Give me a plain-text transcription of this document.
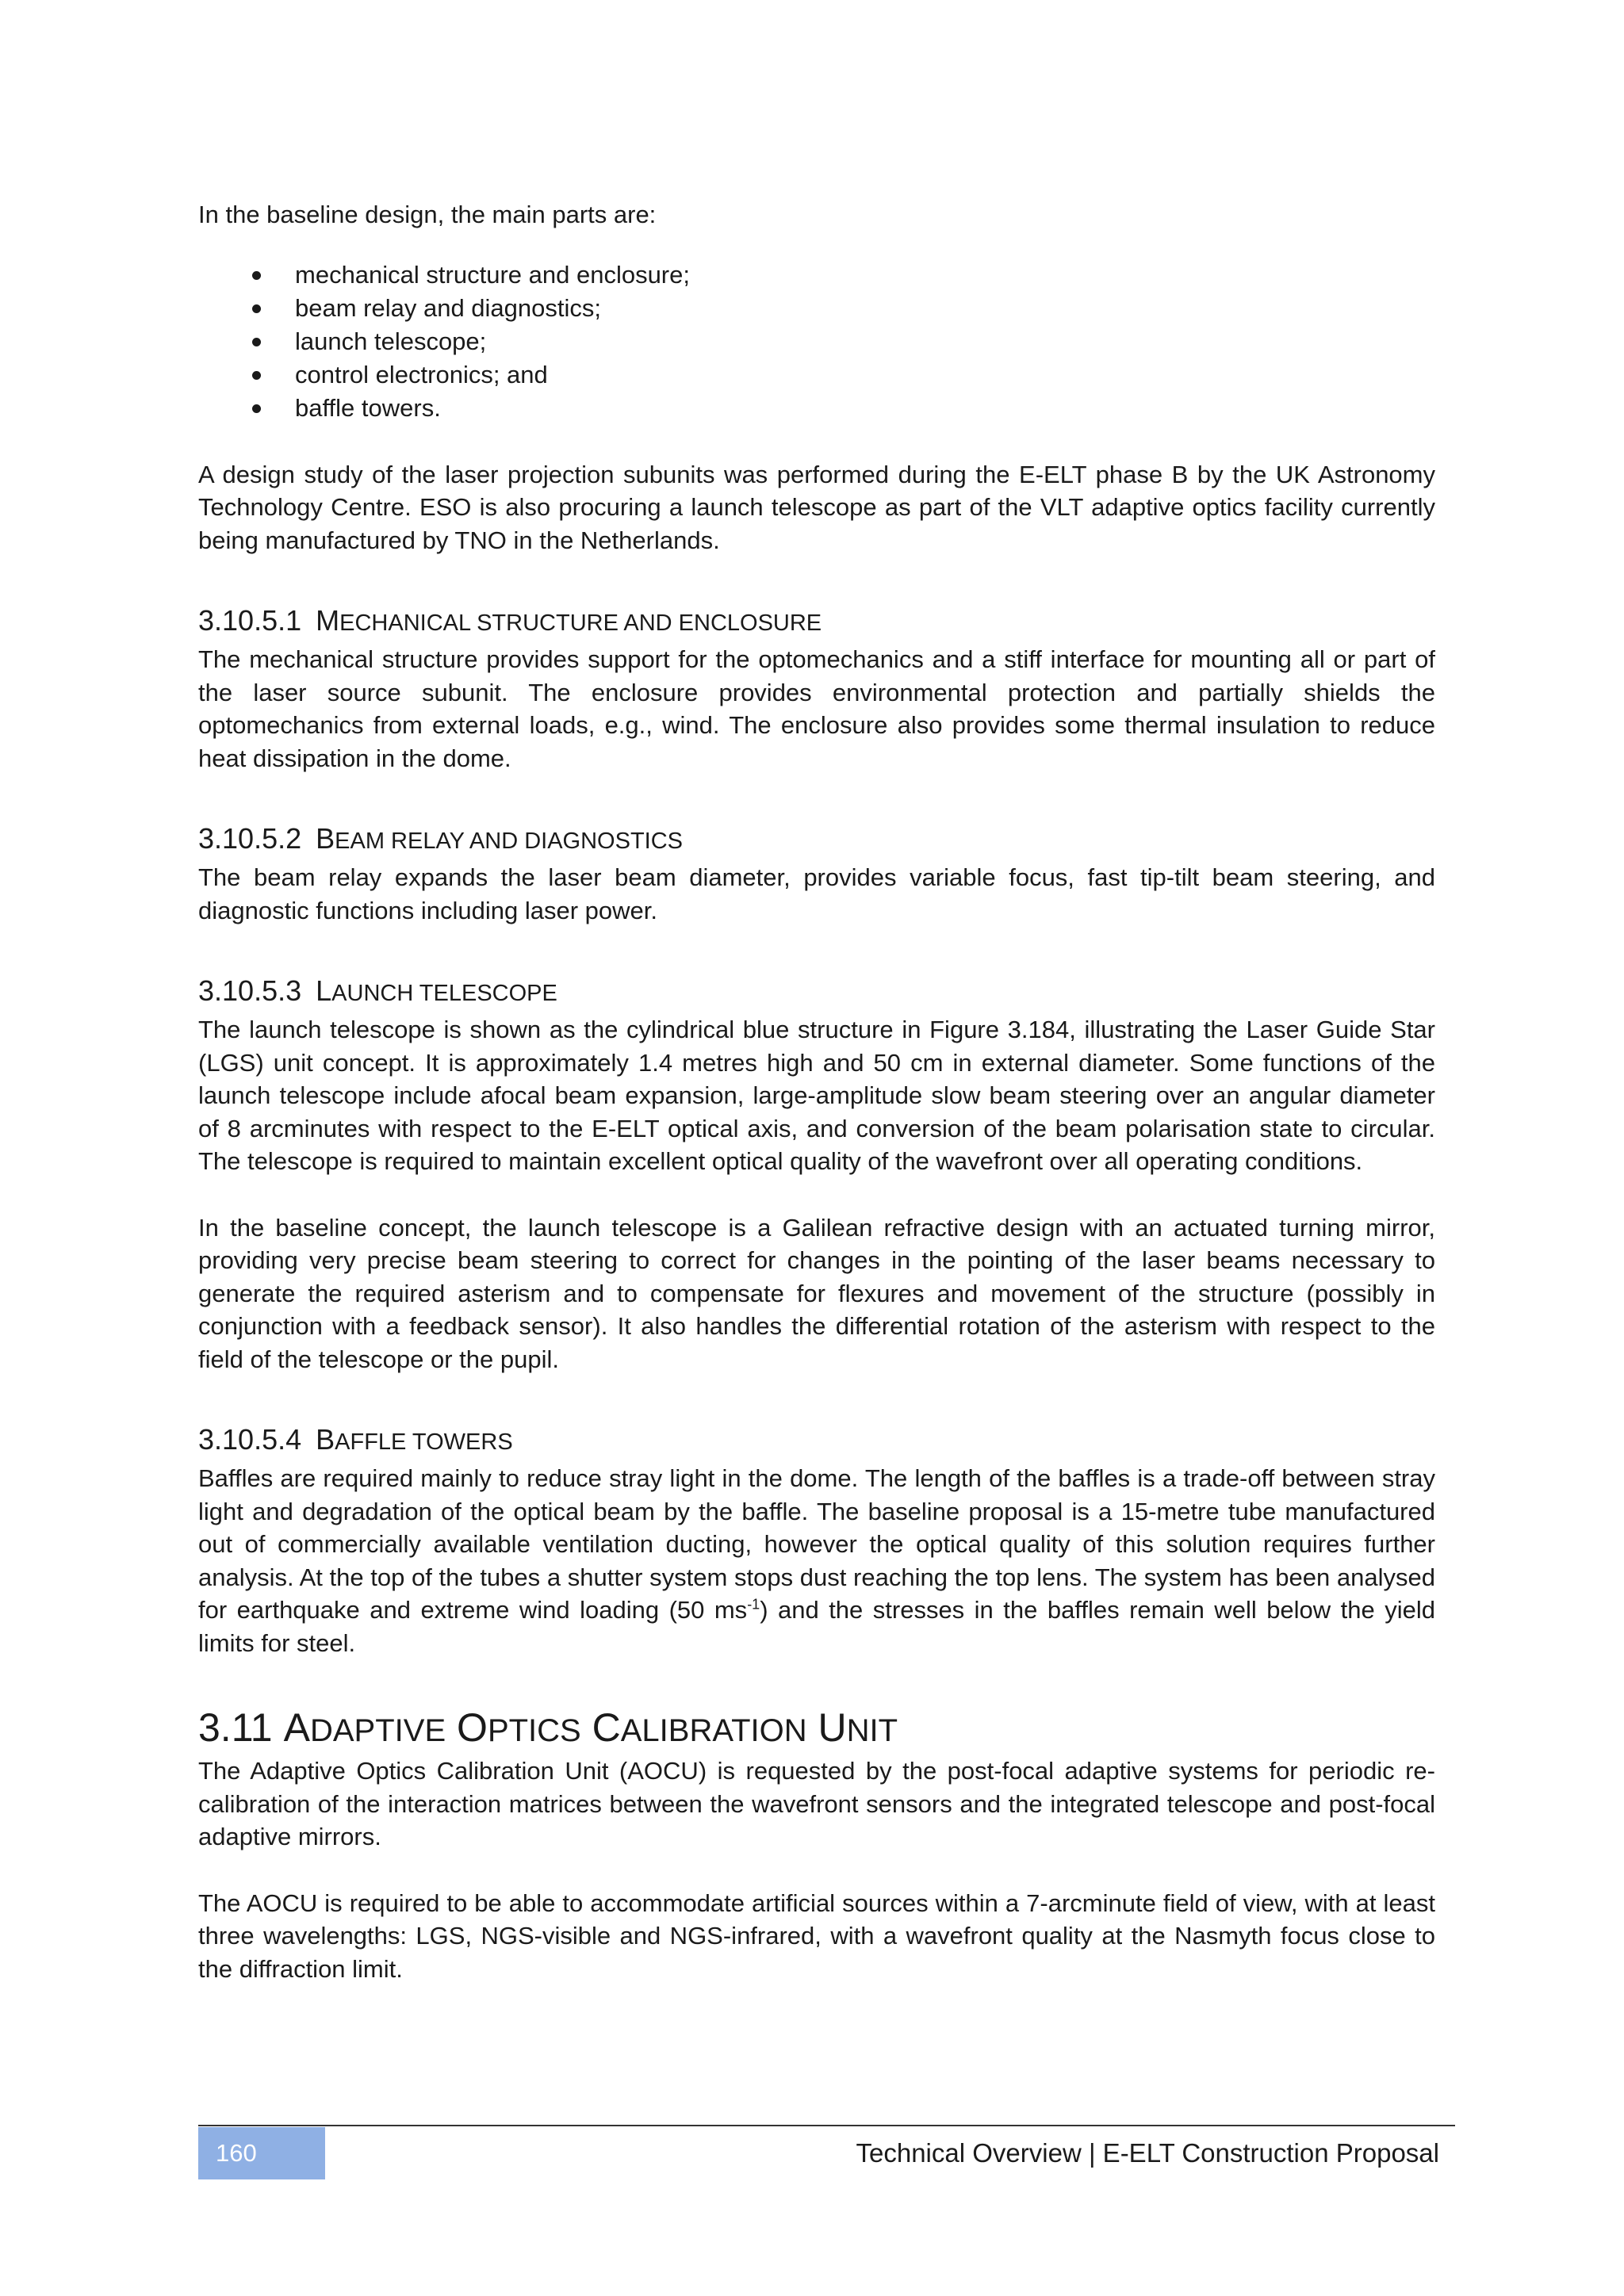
In the baseline design, the main parts are:

mechanical structure and enclosure;
beam relay and diagnostics;
launch telescope;
control electronics; and
baffle towers.

A design study of the laser projection subunits was performed during the E-ELT phase B by the UK Astronomy Technology Centre. ESO is also procuring a launch telescope as part of the VLT adaptive optics facility currently being manufactured by TNO in the Netherlands.

3.10.5.1 MECHANICAL STRUCTURE AND ENCLOSURE

The mechanical structure provides support for the optomechanics and a stiff interface for mounting all or part of the laser source subunit. The enclosure provides environmental protection and partially shields the optomechanics from external loads, e.g., wind. The enclosure also provides some thermal insulation to reduce heat dissipation in the dome.

3.10.5.2 BEAM RELAY AND DIAGNOSTICS

The beam relay expands the laser beam diameter, provides variable focus, fast tip-tilt beam steering, and diagnostic functions including laser power.

3.10.5.3 LAUNCH TELESCOPE

The launch telescope is shown as the cylindrical blue structure in Figure 3.184, illustrating the Laser Guide Star (LGS) unit concept. It is approximately 1.4 metres high and 50 cm in external diameter. Some functions of the launch telescope include afocal beam expansion, large-amplitude slow beam steering over an angular diameter of 8 arcminutes with respect to the E-ELT optical axis, and conversion of the beam polarisation state to circular. The telescope is required to maintain excellent optical quality of the wavefront over all operating conditions.

In the baseline concept, the launch telescope is a Galilean refractive design with an actuated turning mirror, providing very precise beam steering to correct for changes in the pointing of the laser beams necessary to generate the required asterism and to compensate for flexures and movement of the structure (possibly in conjunction with a feedback sensor). It also handles the differential rotation of the asterism with respect to the field of the telescope or the pupil.

3.10.5.4 BAFFLE TOWERS

Baffles are required mainly to reduce stray light in the dome. The length of the baffles is a trade-off between stray light and degradation of the optical beam by the baffle. The baseline proposal is a 15-metre tube manufactured out of commercially available ventilation ducting, however the optical quality of this solution requires further analysis. At the top of the tubes a shutter system stops dust reaching the top lens. The system has been analysed for earthquake and extreme wind loading (50 $ms^{-1}$) and the stresses in the baffles remain well below the yield limits for steel.

3.11 ADAPTIVE OPTICS CALIBRATION UNIT

The Adaptive Optics Calibration Unit (AOCU) is requested by the post-focal adaptive systems for periodic re-calibration of the interaction matrices between the wavefront sensors and the integrated telescope and post-focal adaptive mirrors.

The AOCU is required to be able to accommodate artificial sources within a 7-arcminute field of view, with at least three wavelengths: LGS, NGS-visible and NGS-infrared, with a wavefront quality at the Nasmyth focus close to the diffraction limit.

160	Technical Overview | E-ELT Construction Proposal
